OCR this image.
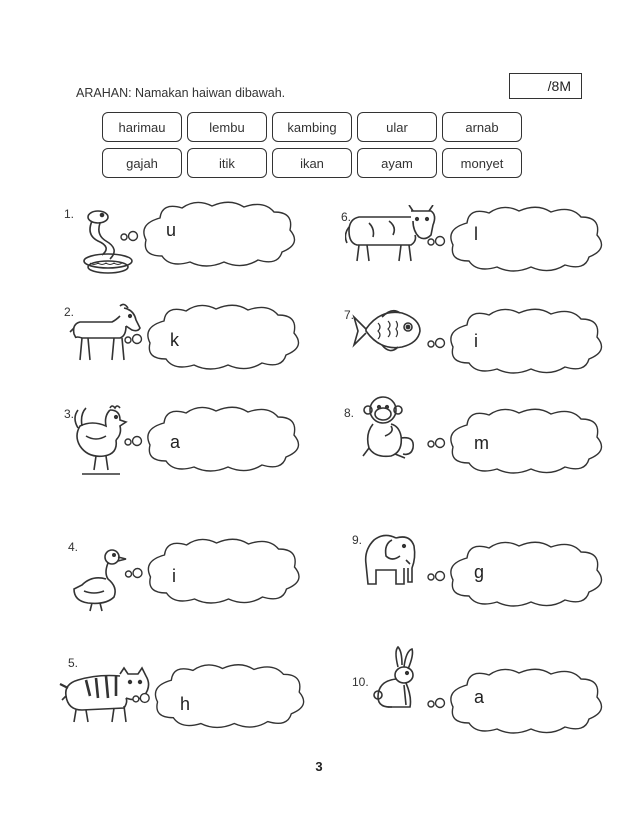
/8M
ARAHAN: Namakan haiwan dibawah.
harimau	lembu	kambing	ular	arnab
gajah	itik	ikan	ayam	monyet
1.
u
2.
k
3.
a
4.
i
5.
h
6.
l
7.
i
8.
m
9.
g
10.
a
3
